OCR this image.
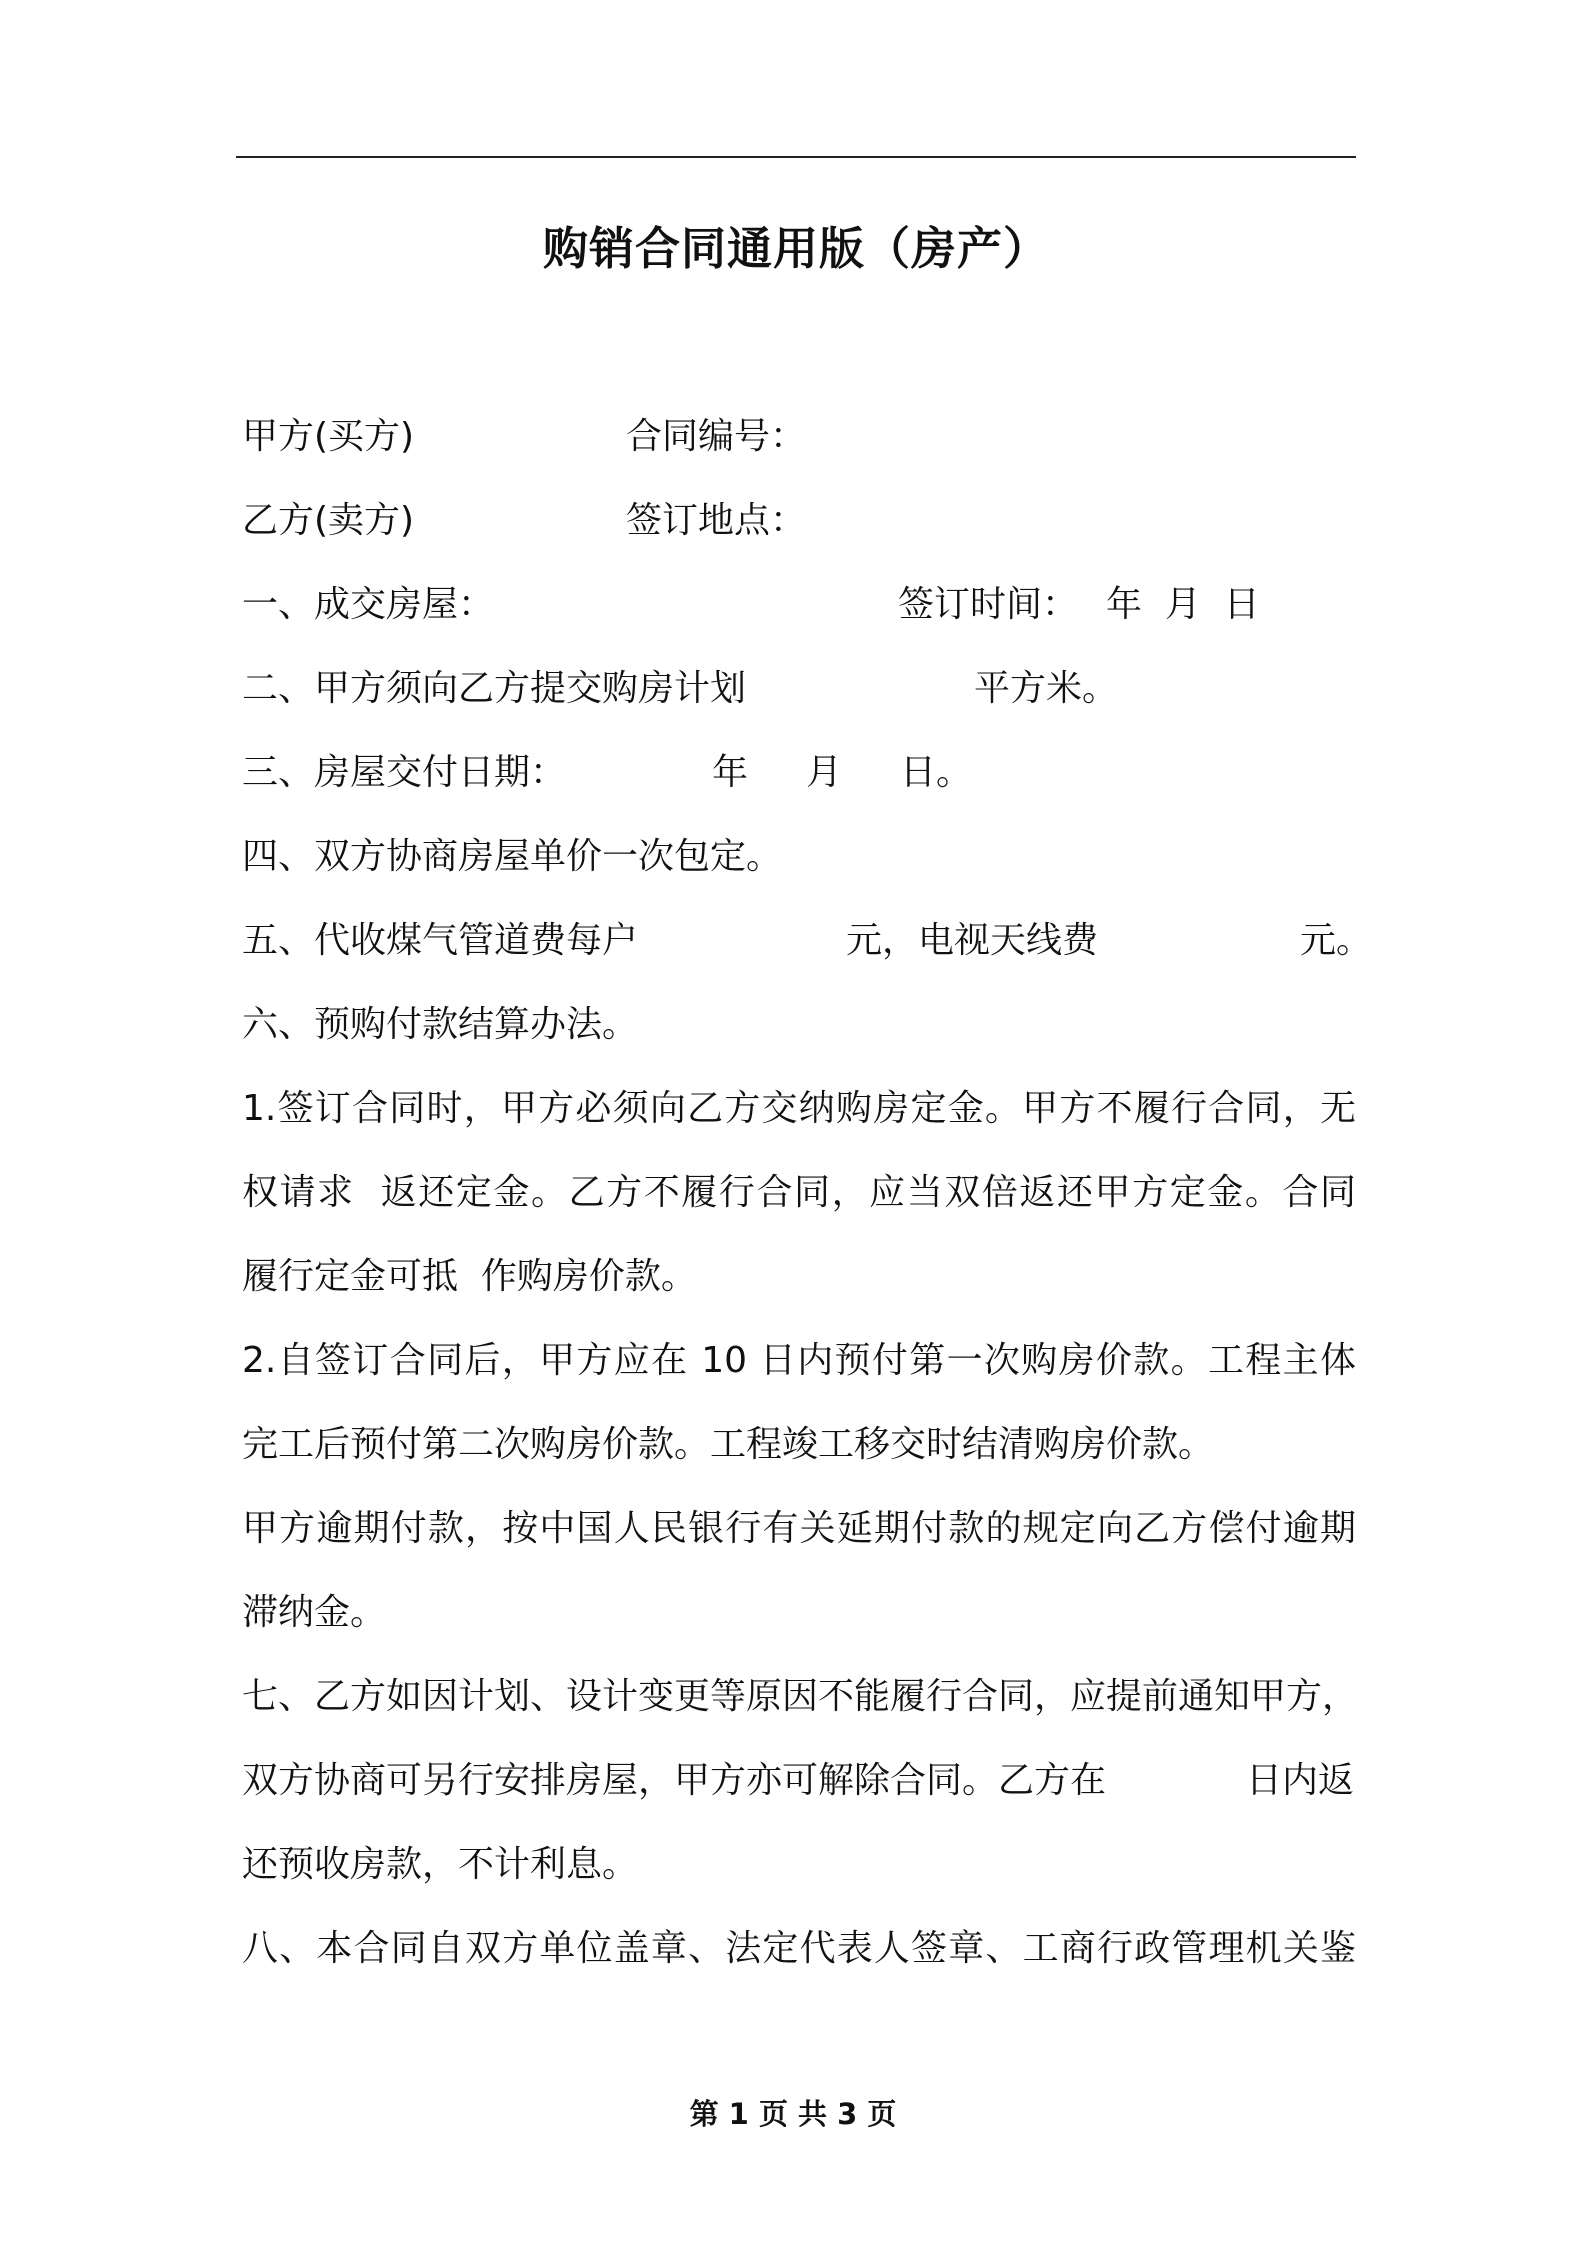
购销合同通用版（房产）
甲方(买方)	合同编号：
乙方(卖方)	签订地点：
一、成交房屋：	签订时间： 年  月  日
二、甲方须向乙方提交购房计划	平方米。
三、房屋交付日期：	年 月 日。
四、双方协商房屋单价一次包定。
五、代收煤气管道费每户	元，电视天线费	元。
六、预购付款结算办法。
1.签订合同时，甲方必须向乙方交纳购房定金。甲方不履行合同，无
权请求  返还定金。乙方不履行合同，应当双倍返还甲方定金。合同
履行定金可抵  作购房价款。
2.自签订合同后，甲方应在 10 日内预付第一次购房价款。工程主体
完工后预付第二次购房价款。工程竣工移交时结清购房价款。
甲方逾期付款，按中国人民银行有关延期付款的规定向乙方偿付逾期
滞纳金。
七、乙方如因计划、设计变更等原因不能履行合同，应提前通知甲方，
双方协商可另行安排房屋，甲方亦可解除合同。乙方在	日内返
还预收房款，不计利息。
八、本合同自双方单位盖章、法定代表人签章、工商行政管理机关鉴
第 1 页 共 3 页
